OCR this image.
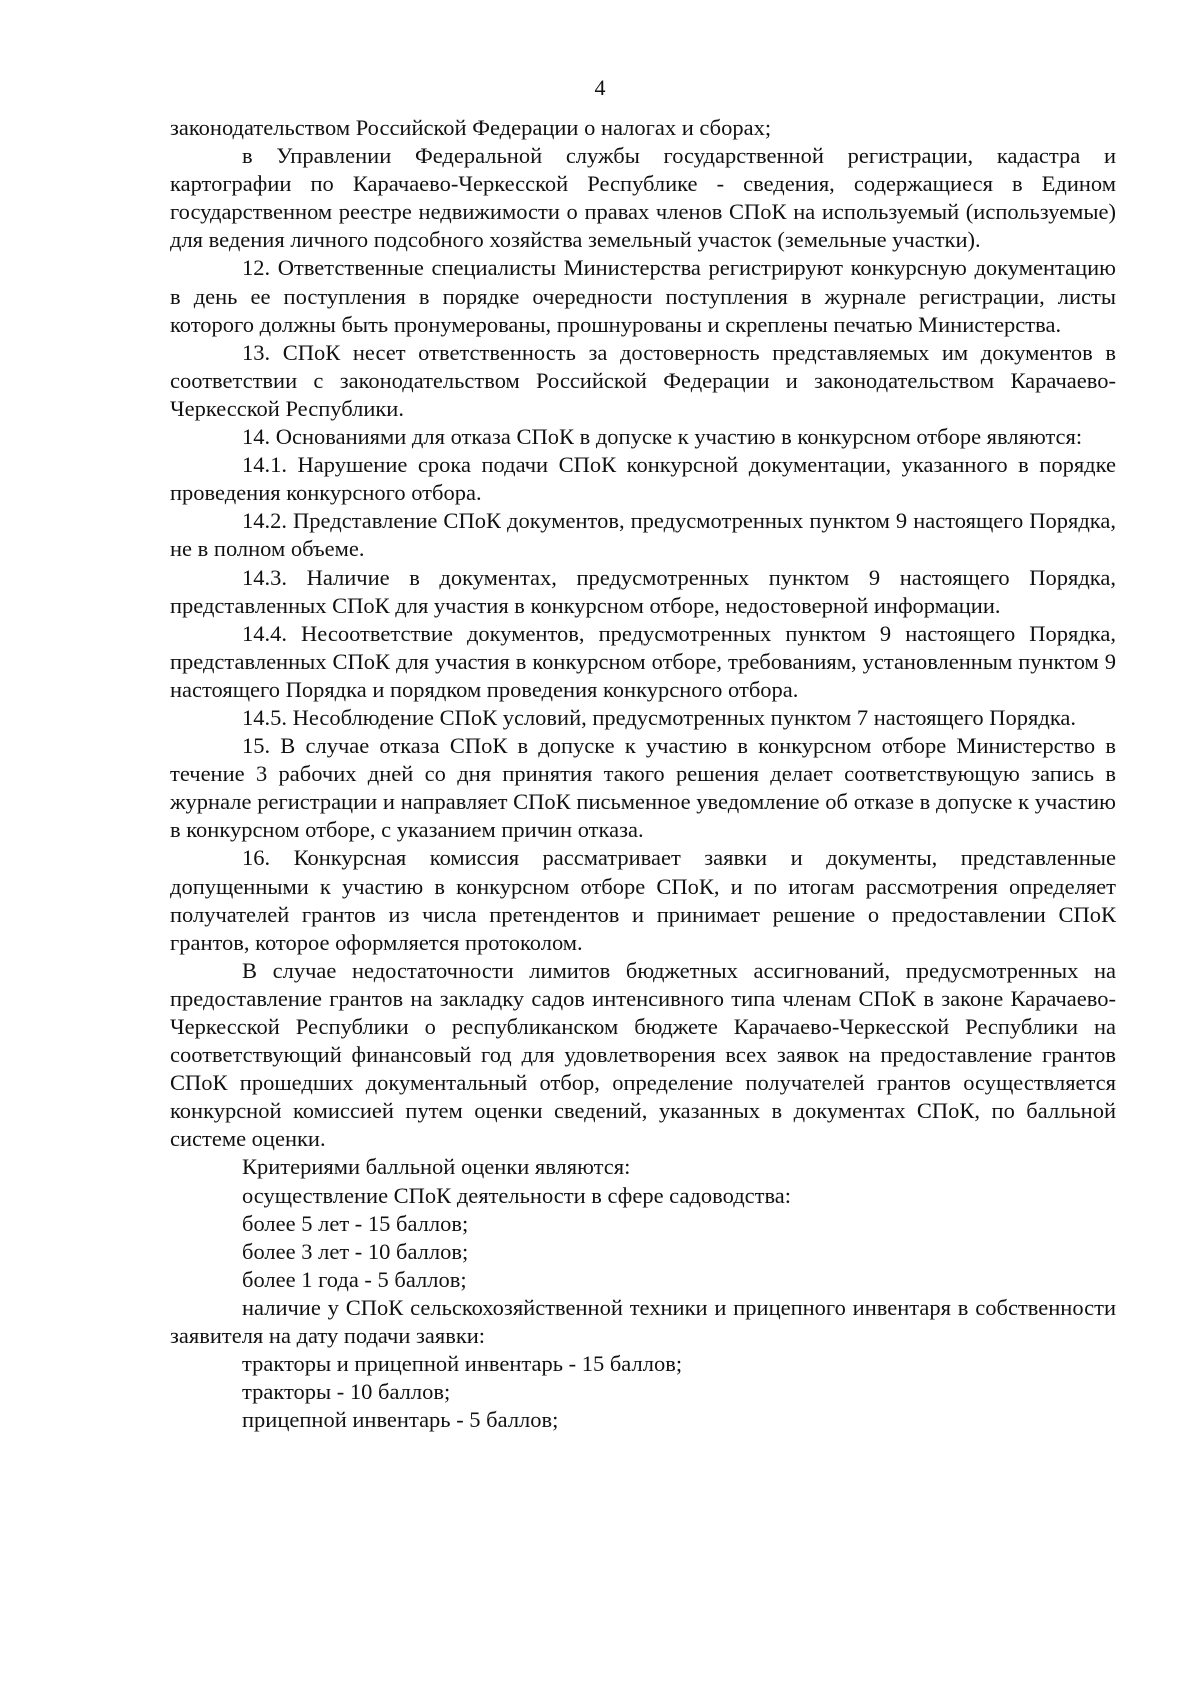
4

законодательством Российской Федерации о налогах и сборах;

в Управлении Федеральной службы государственной регистрации, кадастра и картографии по Карачаево-Черкесской Республике - сведения, содержащиеся в Едином государственном реестре недвижимости о правах членов СПоК на используемый (используемые) для ведения личного подсобного хозяйства земельный участок (земельные участки).

12. Ответственные специалисты Министерства регистрируют конкурсную документацию в день ее поступления в порядке очередности поступления в журнале регистрации, листы которого должны быть пронумерованы, прошнурованы и скреплены печатью Министерства.

13. СПоК несет ответственность за достоверность представляемых им документов в соответствии с законодательством Российской Федерации и законодательством Карачаево-Черкесской Республики.

14. Основаниями для отказа СПоК в допуске к участию в конкурсном отборе являются:

14.1. Нарушение срока подачи СПоК конкурсной документации, указанного в порядке проведения конкурсного отбора.

14.2. Представление СПоК документов, предусмотренных пунктом 9 настоящего Порядка, не в полном объеме.

14.3. Наличие в документах, предусмотренных пунктом 9 настоящего Порядка, представленных СПоК для участия в конкурсном отборе, недостоверной информации.

14.4. Несоответствие документов, предусмотренных пунктом 9 настоящего Порядка, представленных СПоК для участия в конкурсном отборе, требованиям, установленным пунктом 9 настоящего Порядка и порядком проведения конкурсного отбора.

14.5. Несоблюдение СПоК условий, предусмотренных пунктом 7 настоящего Порядка.

15. В случае отказа СПоК в допуске к участию в конкурсном отборе Министерство в течение 3 рабочих дней со дня принятия такого решения делает соответствующую запись в журнале регистрации и направляет СПоК письменное уведомление об отказе в допуске к участию в конкурсном отборе, с указанием причин отказа.

16. Конкурсная комиссия рассматривает заявки и документы, представленные допущенными к участию в конкурсном отборе СПоК, и по итогам рассмотрения определяет получателей грантов из числа претендентов и принимает решение о предоставлении СПоК грантов, которое оформляется протоколом.

В случае недостаточности лимитов бюджетных ассигнований, предусмотренных на предоставление грантов на закладку садов интенсивного типа членам СПоК в законе Карачаево-Черкесской Республики о республиканском бюджете Карачаево-Черкесской Республики на соответствующий финансовый год для удовлетворения всех заявок на предоставление грантов СПоК прошедших документальный отбор, определение получателей грантов осуществляется конкурсной комиссией путем оценки сведений, указанных в документах СПоК, по балльной системе оценки.

Критериями балльной оценки являются:

осуществление СПоК деятельности в сфере садоводства:

более 5 лет - 15 баллов;

более 3 лет - 10 баллов;

более 1 года - 5 баллов;

наличие у СПоК сельскохозяйственной техники и прицепного инвентаря в собственности заявителя на дату подачи заявки:

тракторы и прицепной инвентарь - 15 баллов;

тракторы - 10 баллов;

прицепной инвентарь - 5 баллов;
